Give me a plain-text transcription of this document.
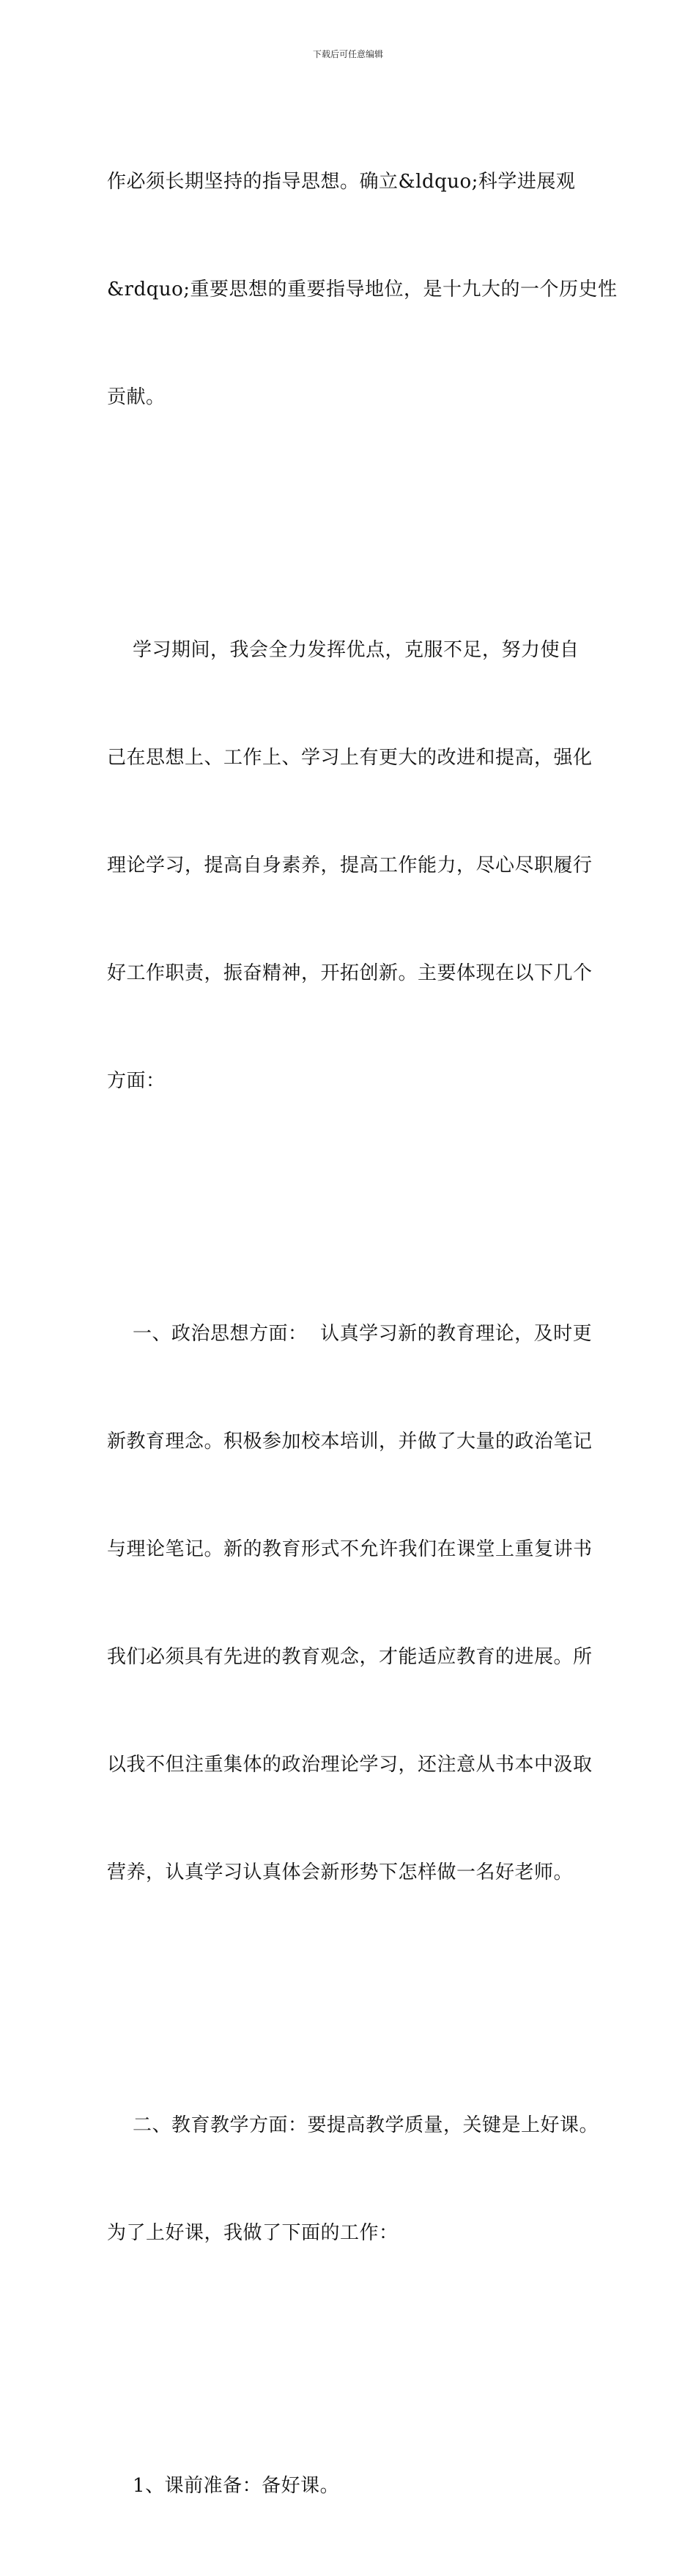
下载后可任意编辑

作必须长期坚持的指导思想。确立&ldquo;科学进展观

&rdquo;重要思想的重要指导地位，是十九大的一个历史性

贡献。

学习期间，我会全力发挥优点，克服不足，努力使自

己在思想上、工作上、学习上有更大的改进和提高，强化

理论学习，提高自身素养，提高工作能力，尽心尽职履行

好工作职责，振奋精神，开拓创新。主要体现在以下几个

方面：

一、政治思想方面：  认真学习新的教育理论，及时更

新教育理念。积极参加校本培训，并做了大量的政治笔记

与理论笔记。新的教育形式不允许我们在课堂上重复讲书

我们必须具有先进的教育观念，才能适应教育的进展。所

以我不但注重集体的政治理论学习，还注意从书本中汲取

营养，认真学习认真体会新形势下怎样做一名好老师。

二、教育教学方面：要提高教学质量，关键是上好课。

为了上好课，我做了下面的工作：

1、课前准备：备好课。
